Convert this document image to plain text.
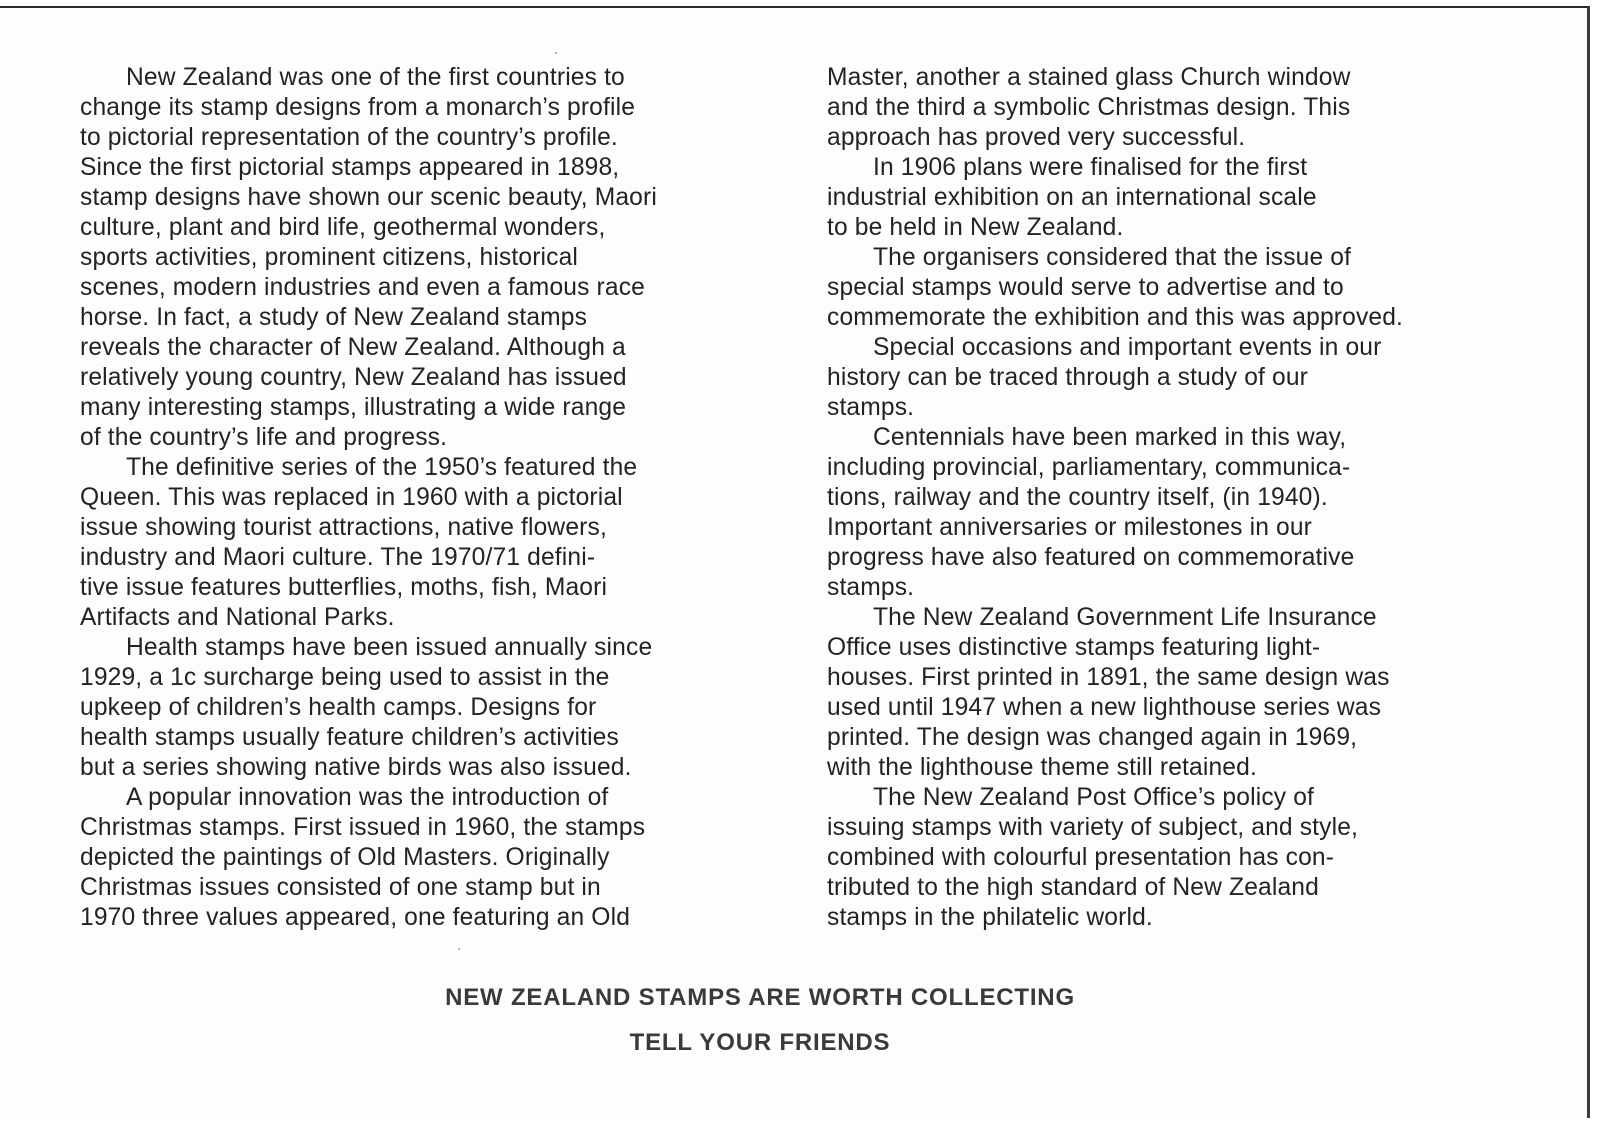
New Zealand was one of the first countries to
change its stamp designs from a monarch’s profile
to pictorial representation of the country’s profile.
Since the first pictorial stamps appeared in 1898,
stamp designs have shown our scenic beauty, Maori
culture, plant and bird life, geothermal wonders,
sports activities, prominent citizens, historical
scenes, modern industries and even a famous race
horse. In fact, a study of New Zealand stamps
reveals the character of New Zealand. Although a
relatively young country, New Zealand has issued
many interesting stamps, illustrating a wide range
of the country’s life and progress.
The definitive series of the 1950’s featured the
Queen. This was replaced in 1960 with a pictorial
issue showing tourist attractions, native flowers,
industry and Maori culture. The 1970/71 defini-
tive issue features butterflies, moths, fish, Maori
Artifacts and National Parks.
Health stamps have been issued annually since
1929, a 1c surcharge being used to assist in the
upkeep of children’s health camps. Designs for
health stamps usually feature children’s activities
but a series showing native birds was also issued.
A popular innovation was the introduction of
Christmas stamps. First issued in 1960, the stamps
depicted the paintings of Old Masters. Originally
Christmas issues consisted of one stamp but in
1970 three values appeared, one featuring an Old
Master, another a stained glass Church window
and the third a symbolic Christmas design. This
approach has proved very successful.
In 1906 plans were finalised for the first
industrial exhibition on an international scale
to be held in New Zealand.
The organisers considered that the issue of
special stamps would serve to advertise and to
commemorate the exhibition and this was approved.
Special occasions and important events in our
history can be traced through a study of our
stamps.
Centennials have been marked in this way,
including provincial, parliamentary, communica-
tions, railway and the country itself, (in 1940).
Important anniversaries or milestones in our
progress have also featured on commemorative
stamps.
The New Zealand Government Life Insurance
Office uses distinctive stamps featuring light-
houses. First printed in 1891, the same design was
used until 1947 when a new lighthouse series was
printed. The design was changed again in 1969,
with the lighthouse theme still retained.
The New Zealand Post Office’s policy of
issuing stamps with variety of subject, and style,
combined with colourful presentation has con-
tributed to the high standard of New Zealand
stamps in the philatelic world.
NEW ZEALAND STAMPS ARE WORTH COLLECTING
TELL YOUR FRIENDS
